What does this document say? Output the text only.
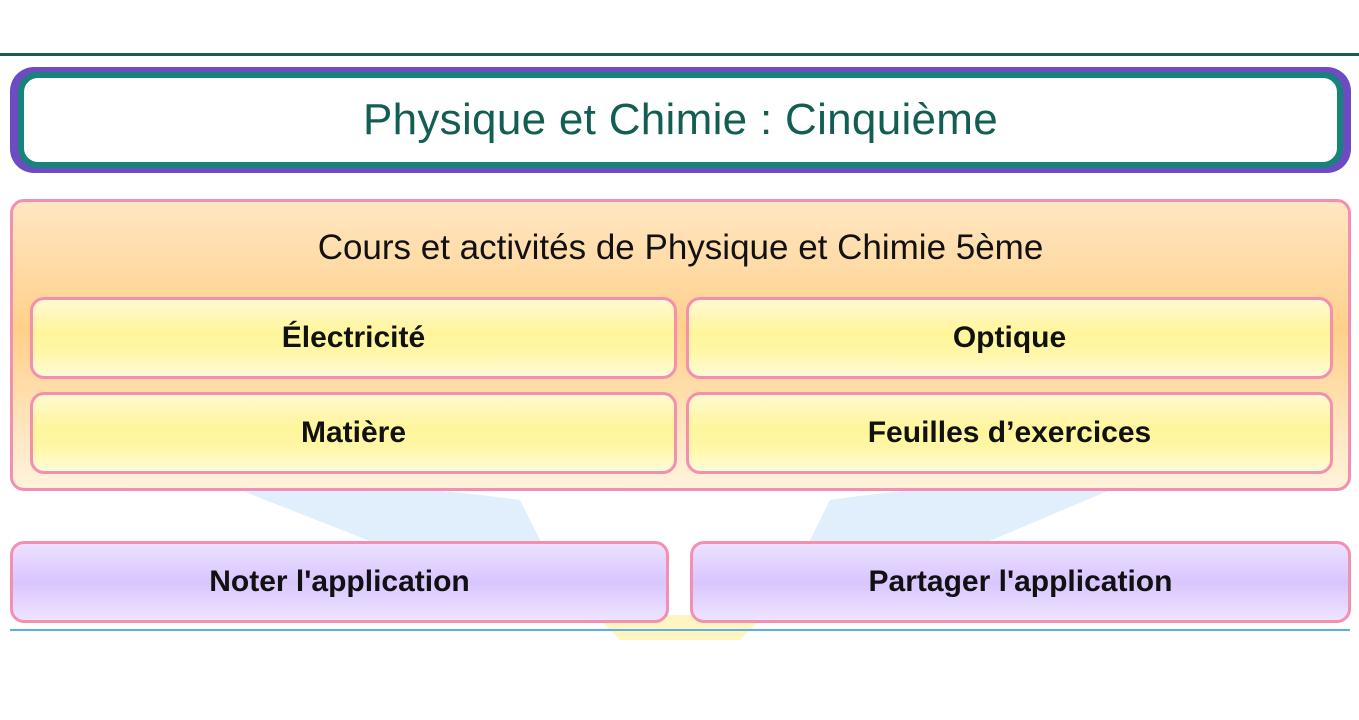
Physique et Chimie : Cinquième
Cours et activités de Physique et Chimie 5ème
Électricité	Optique
Matière	Feuilles d’exercices
Noter l'application	Partager l'application
